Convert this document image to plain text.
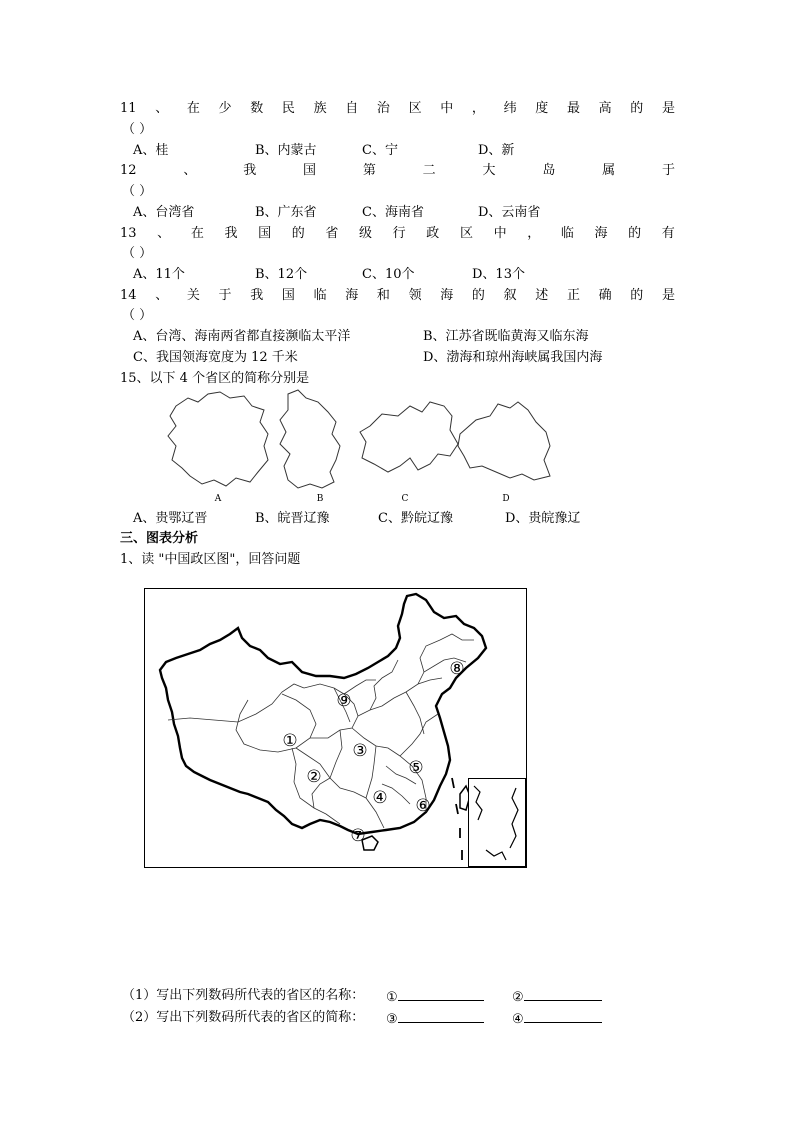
11 、 在 少 数 民 族 自 治 区 中 ， 纬 度 最 高 的 是
（ ）
A、桂	B、内蒙古	C、宁	D、新
12	、	我	国	第	二	大	岛	属	于
（ ）
A、台湾省	B、广东省	C、海南省	D、云南省
13 、 在 我 国 的 省 级 行 政 区 中 ， 临 海 的 有
（ ）
A、11个	B、12个	C、10个	D、13个
14 、 关 于 我 国 临 海 和 领 海 的 叙 述 正 确 的 是
（ ）
A、台湾、海南两省都直接濒临太平洋	B、江苏省既临黄海又临东海
C、我国领海宽度为 12 千米	D、渤海和琼州海峡属我国内海
15、以下 4 个省区的简称分别是
A	B	C	D
A、贵鄂辽晋	B、皖晋辽豫	C、黔皖辽豫	D、贵皖豫辽
三、图表分析
1、读 "中国政区图"，回答问题
①
②
③
④
⑤
⑥
⑦
⑧
⑨
（1）写出下列数码所代表的省区的名称： ①	②
（2）写出下列数码所代表的省区的简称： ③	④
